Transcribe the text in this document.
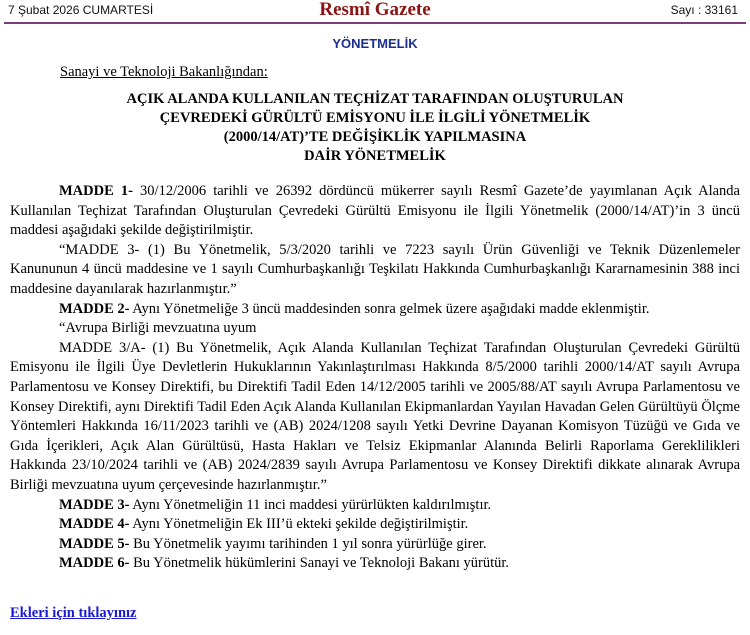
Resmî Gazete
7 Şubat 2026 CUMARTESİ	Sayı : 33161
YÖNETMELİK
Sanayi ve Teknoloji Bakanlığından:
AÇIK ALANDA KULLANILAN TEÇHİZAT TARAFINDAN OLUŞTURULAN
ÇEVREDEKİ GÜRÜLTÜ EMİSYONU İLE İLGİLİ YÖNETMELİK
(2000/14/AT)’TE DEĞİŞİKLİK YAPILMASINA
DAİR YÖNETMELİK

MADDE 1- 30/12/2006 tarihli ve 26392 dördüncü mükerrer sayılı Resmî Gazete’de yayımlanan Açık Alanda Kullanılan Teçhizat Tarafından Oluşturulan Çevredeki Gürültü Emisyonu ile İlgili Yönetmelik (2000/14/AT)’in 3 üncü maddesi aşağıdaki şekilde değiştirilmiştir.

“MADDE 3- (1) Bu Yönetmelik, 5/3/2020 tarihli ve 7223 sayılı Ürün Güvenliği ve Teknik Düzenlemeler Kanununun 4 üncü maddesine ve 1 sayılı Cumhurbaşkanlığı Teşkilatı Hakkında Cumhurbaşkanlığı Kararnamesinin 388 inci maddesine dayanılarak hazırlanmıştır.”

MADDE 2- Aynı Yönetmeliğe 3 üncü maddesinden sonra gelmek üzere aşağıdaki madde eklenmiştir.

“Avrupa Birliği mevzuatına uyum

MADDE 3/A- (1) Bu Yönetmelik, Açık Alanda Kullanılan Teçhizat Tarafından Oluşturulan Çevredeki Gürültü Emisyonu ile İlgili Üye Devletlerin Hukuklarının Yakınlaştırılması Hakkında 8/5/2000 tarihli 2000/14/AT sayılı Avrupa Parlamentosu ve Konsey Direktifi, bu Direktifi Tadil Eden 14/12/2005 tarihli ve 2005/88/AT sayılı Avrupa Parlamentosu ve Konsey Direktifi, aynı Direktifi Tadil Eden Açık Alanda Kullanılan Ekipmanlardan Yayılan Havadan Gelen Gürültüyü Ölçme Yöntemleri Hakkında 16/11/2023 tarihli ve (AB) 2024/1208 sayılı Yetki Devrine Dayanan Komisyon Tüzüğü ve Gıda ve Gıda İçerikleri, Açık Alan Gürültüsü, Hasta Hakları ve Telsiz Ekipmanlar Alanında Belirli Raporlama Gereklilikleri Hakkında 23/10/2024 tarihli ve (AB) 2024/2839 sayılı Avrupa Parlamentosu ve Konsey Direktifi dikkate alınarak Avrupa Birliği mevzuatına uyum çerçevesinde hazırlanmıştır.”

MADDE 3- Aynı Yönetmeliğin 11 inci maddesi yürürlükten kaldırılmıştır.

MADDE 4- Aynı Yönetmeliğin Ek III’ü ekteki şekilde değiştirilmiştir.

MADDE 5- Bu Yönetmelik yayımı tarihinden 1 yıl sonra yürürlüğe girer.

MADDE 6- Bu Yönetmelik hükümlerini Sanayi ve Teknoloji Bakanı yürütür.

Ekleri için tıklayınız
